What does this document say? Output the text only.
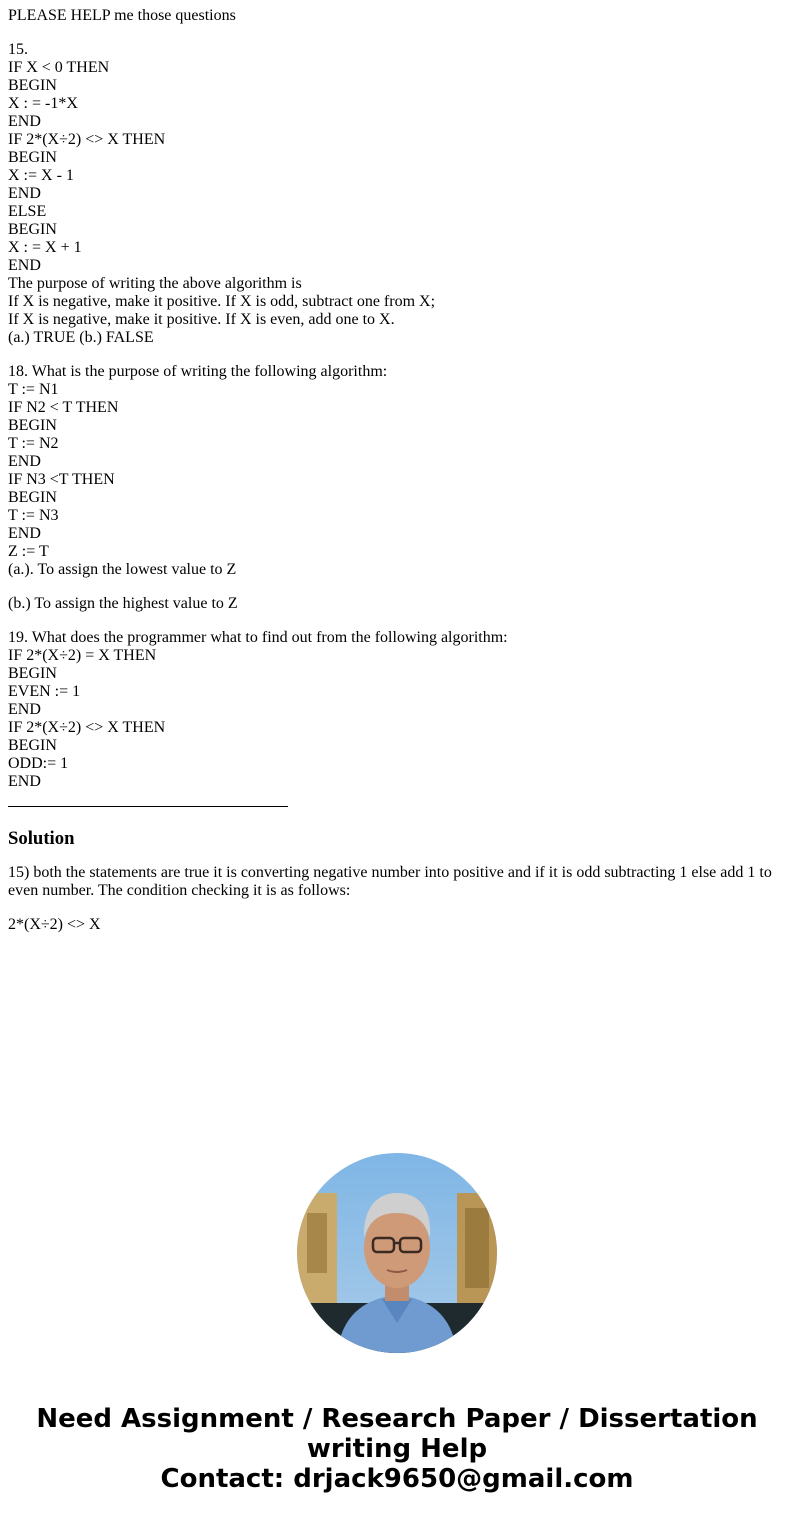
PLEASE HELP me those questions
15.
IF X < 0 THEN
BEGIN
X : = -1*X
END
IF 2*(X÷2) <> X THEN
BEGIN
X := X - 1
END
ELSE
BEGIN
X : = X + 1
END
The purpose of writing the above algorithm is
If X is negative, make it positive. If X is odd, subtract one from X;
If X is negative, make it positive. If X is even, add one to X.
(a.) TRUE (b.) FALSE
18. What is the purpose of writing the following algorithm:
T := N1
IF N2 < T THEN
BEGIN
T := N2
END
IF N3 <T THEN
BEGIN
T := N3
END
Z := T
(a.). To assign the lowest value to Z
(b.) To assign the highest value to Z
19. What does the programmer what to find out from the following algorithm:
IF 2*(X÷2) = X THEN
BEGIN
EVEN := 1
END
IF 2*(X÷2) <> X THEN
BEGIN
ODD:= 1
END
Solution

15) both the statements are true it is converting negative number into positive and if it is odd subtracting 1 else add 1 to even number. The condition checking it is as follows:

2*(X÷2) <> X
Need Assignment / Research Paper / Dissertation
writing Help
Contact: drjack9650@gmail.com
